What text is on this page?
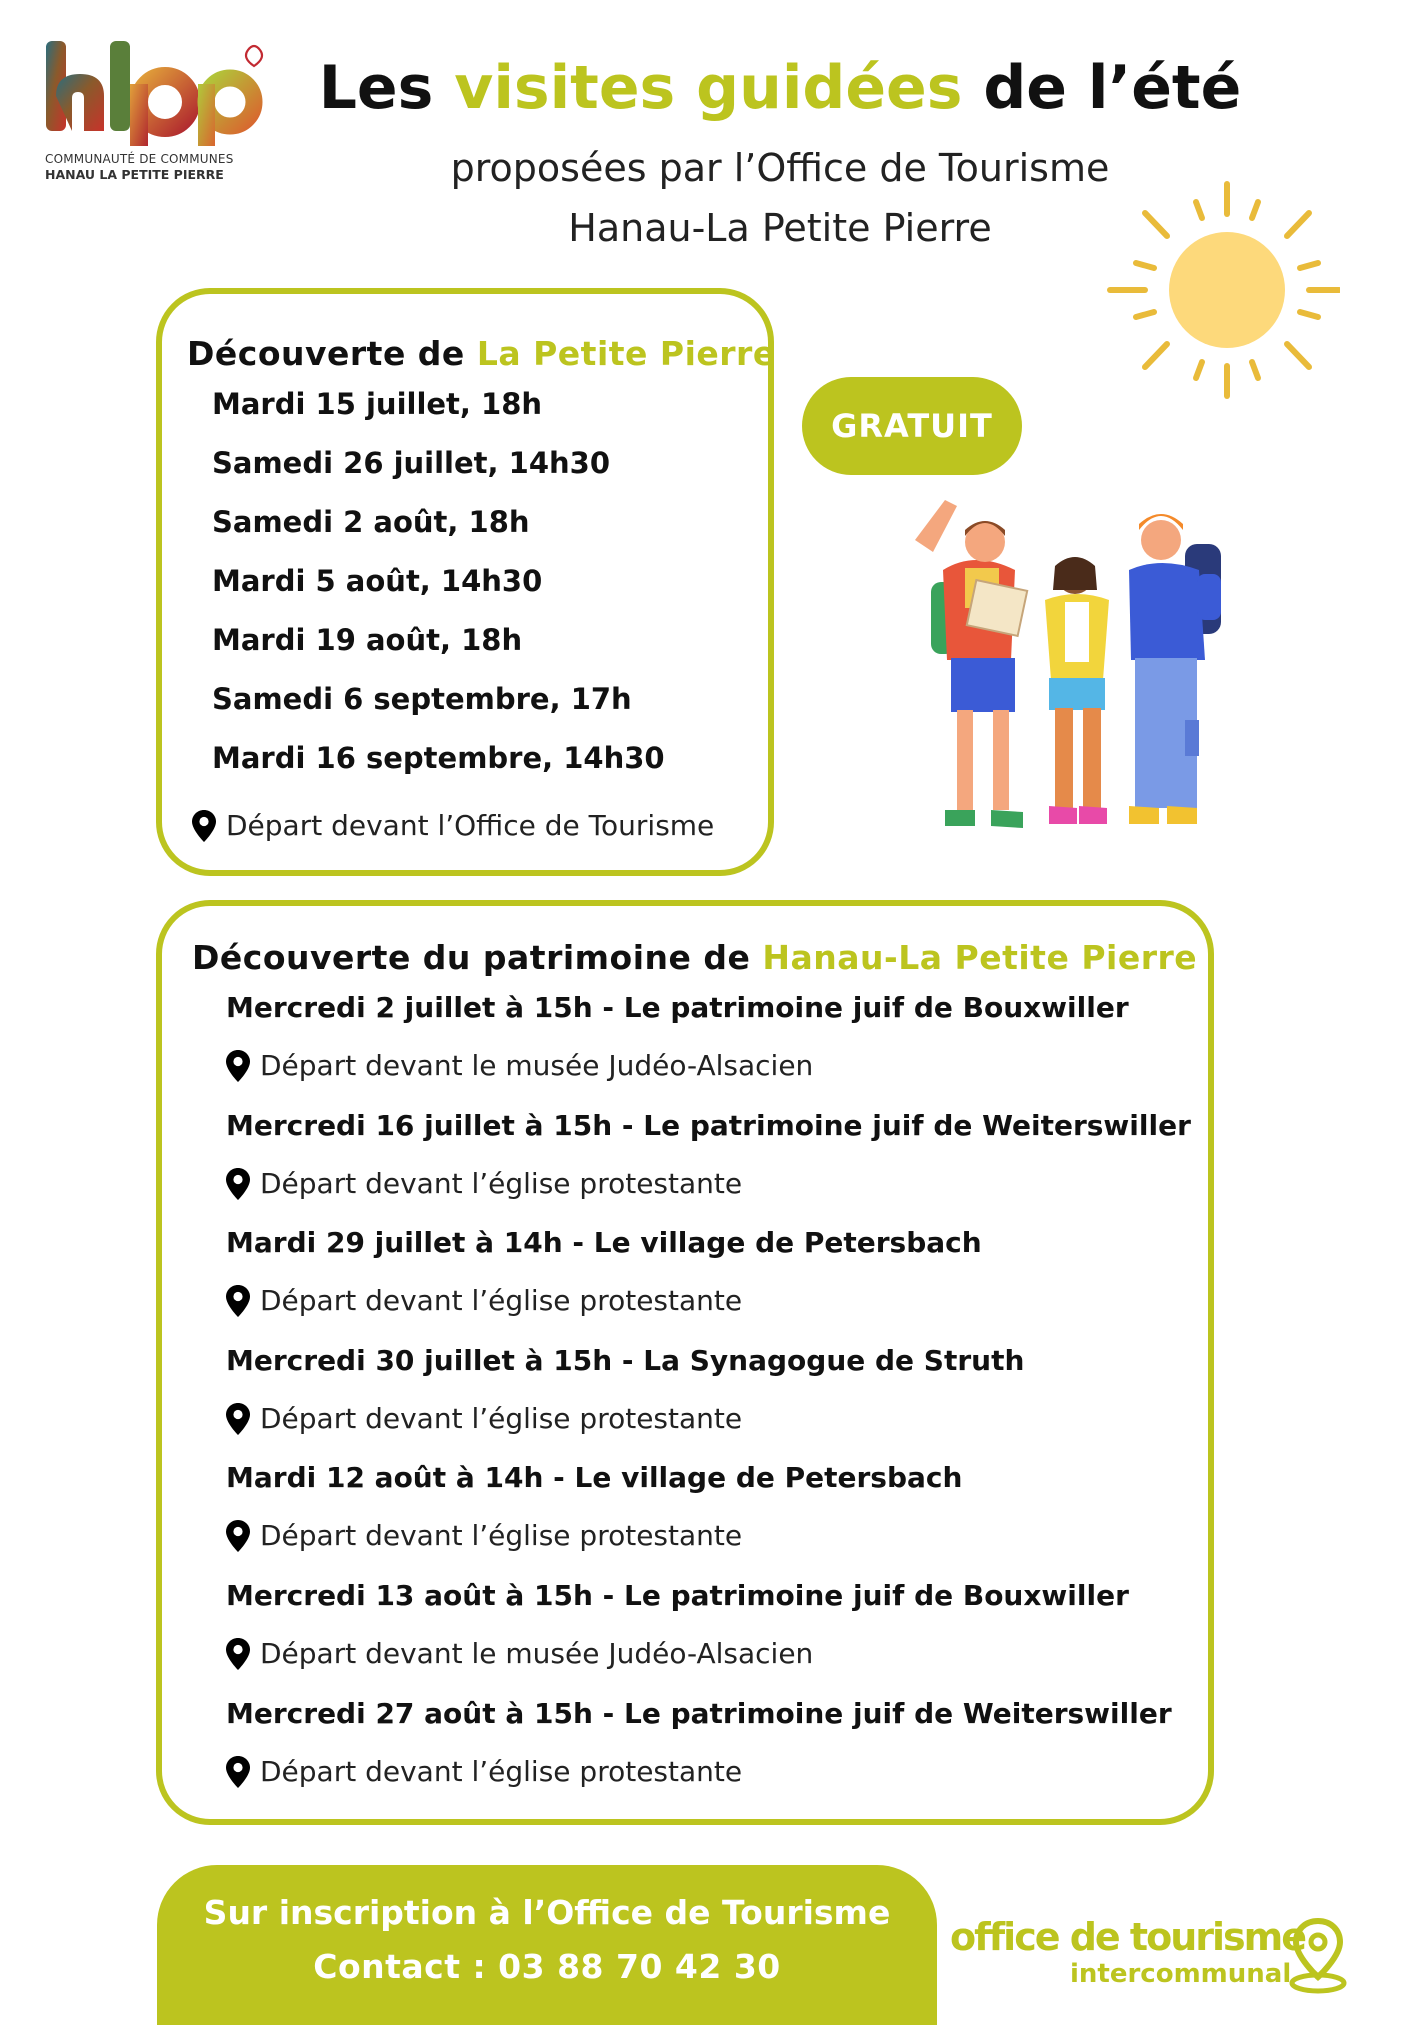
COMMUNAUTÉ DE COMMUNES
HANAU LA PETITE PIERRE
Les visites guidées de l’été
proposées par l’Office de Tourisme
Hanau-La Petite Pierre
Découverte de La Petite Pierre
Mardi 15 juillet, 18h
Samedi 26 juillet, 14h30
Samedi 2 août, 18h
Mardi 5 août, 14h30
Mardi 19 août, 18h
Samedi 6 septembre, 17h
Mardi 16 septembre, 14h30
Départ devant l’Office de Tourisme
GRATUIT
Découverte du patrimoine de Hanau-La Petite Pierre
Mercredi 2 juillet à 15h - Le patrimoine juif de Bouxwiller
Départ devant le musée Judéo-Alsacien
Mercredi 16 juillet à 15h - Le patrimoine juif de Weiterswiller
Départ devant l’église protestante
Mardi 29 juillet à 14h - Le village de Petersbach
Départ devant l’église protestante
Mercredi 30 juillet à 15h - La Synagogue de Struth
Départ devant l’église protestante
Mardi 12 août à 14h - Le village de Petersbach
Départ devant l’église protestante
Mercredi 13 août à 15h - Le patrimoine juif de Bouxwiller
Départ devant le musée Judéo-Alsacien
Mercredi 27 août à 15h - Le patrimoine juif de Weiterswiller
Départ devant l’église protestante
Sur inscription à l’Office de Tourisme
Contact : 03 88 70 42 30
office de tourisme
intercommunal
